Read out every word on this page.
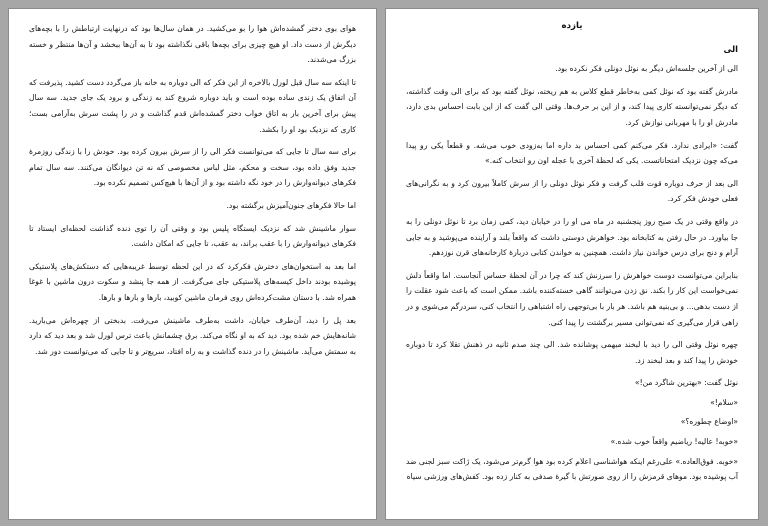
هوای بوی دختر گمشده‌اش هوا را بو می‌کشید. در همان سال‌ها بود که درنهایت ارتباطش را با بچه‌های دیگرش از دست داد. او هیچ چیزی برای بچه‌ها باقی نگذاشته بود تا به آن‌ها ببخشد و آن‌ها منتظر و خسته بزرگ می‌شدند.

تا اینکه سه سال قبل لورل بالاخره از این فکر که الی دوباره به خانه باز می‌گردد دست کشید. پذیرفت که آن اتفاق یک زندی ساده بوده است و باید دوباره شروع کند به زندگی و برود یک جای جدید. سه سال پیش برای آخرین بار به اتاق خواب دختر گمشده‌اش قدم گذاشت و در را پشت سرش به‌آرامی بست؛ کاری که نزدیک بود او را بکشد.

برای سه سال تا جایی که می‌توانست فکر الی را از سرش بیرون کرده بود. خودش را با زندگی روزمره‌ٔ جدید وفق داده بود، سخت و محکم، مثل لباس مخصوصی که نه تن دیوانگان می‌کنند. سه سال تمام فکرهای دیوانه‌وارش را در خود نگه داشته بود و از آن‌ها با هیچ‌کس تصمیم نکرده بود.

اما حالا فکرهای جنون‌آمیزش برگشته بود.

سوار ماشینش شد که نزدیک ایستگاه پلیس بود و وقتی آن را توی دنده گذاشت لحظه‌ای ایستاد تا فکرهای دیوانه‌وارش را با عقب براند، به عقب، تا جایی که امکان داشت.

اما بعد به استخوان‌های دخترش فکرکرد که در این لحظه توسط غریبه‌هایی که دستکش‌های پلاستیکی پوشیده بودند داخل کیسه‌های پلاستیکی جای می‌گرفت. از همه جا پنشد و سکوت درون ماشین با غوغا همراه شد. با دستان مشت‌کرده‌اش روی فرمان ماشین کوبید، بارها و بارها و بارها.

بعد پل را دید، آن‌طرف خیابان، داشت به‌طرف ماشینش می‌رفت. بدبختی از چهره‌اش می‌بارید. شانه‌هایش خم شده بود. دید که به او نگاه می‌کند. برق چشمانش باعث ترس لورل شد و بعد دید که دارد به سمتش می‌آید. ماشینش را در دنده گذاشت و به راه افتاد، سریع‌تر و تا جایی که می‌توانست دور شد.

یازده
الی

الی از آخرین جلسه‌اش دیگر به نوئل دونلی فکر نکرده بود.

مادرش گفته بود که نوئل کمی به‌خاطر قطع کلاس به هم ریخته، نوئل گفته بود که برای الی وقت گذاشته، که دیگر نمی‌توانسته کاری پیدا کند، و از این بر حرف‌ها. وقتی الی گفت که از این بابت احساس بدی دارد، مادرش او را با مهربانی نوازش کرد.

گفت: «ایرادی ندارد. فکر می‌کنم کمی احساس بد داره اما به‌زودی خوب می‌شه. و قطعاً یکی رو پیدا می‌که چون نزدیک امتحاناتست. یکی که لحظهٔ آخری با عجله اون رو انتخاب کنه.»

الی بعد از حرف دوباره قوت قلب گرفت و فکر نوئل دونلی را از سرش کاملاً بیرون کرد و به نگرانی‌های فعلی خودش فکر کرد.

در واقع وقتی در یک صبح روز پنجشنبه در ماه می او را در خیابان دید، کمی زمان برد تا نوئل دونلی را به جا بیاورد. در حال رفتن به کتابخانه بود. خواهرش دوستی داشت که واقعاً بلند و آراینده می‌پوشید و به جایی آرام و دنج برای درس خواندن نیاز داشت. همچنین به خواندن کتابی دربارهٔ کارخانه‌های قرن نوزدهم.

بنابراین می‌توانست دوست خواهرش را سرزنش کند که چرا در آن لحظهٔ حساس آنجاست. اما واقعاً دلش نمی‌خواست این کار را بکند. نق زدن می‌توانند گاهی خسته‌کننده باشد. ممکن است که باعث شود عقلت را از دست بدهی... و بی‌بنیه هم باشد. هر بار با بی‌توجهی راه اشتباهی را انتخاب کنی، سردرگم می‌شوی و در راهی قرار می‌گیری که نمی‌توانی مسیر برگشتت را پیدا کنی.

چهره نوئل وقتی الی را دید با لبخند مبهمی پوشانده شد. الی چند صدم ثانیه در ذهنش تقلا کرد تا دوباره خودش را پیدا کند و بعد لبخند زد.

نوئل گفت: «بهترین شاگرد من!»
«سلام!»
«اوضاع چطوره؟»
«خوبه! عالیه! ریاضیم واقعاً خوب شده.»

«خوبه. فوق‌العاده.» علی‌رغم اینکه هواشناسی اعلام کرده بود هوا گرم‌تر می‌شود، یک ژاکت سبز لجنی ضد آب پوشیده بود. موهای قرمزش را از روی صورتش با گیرهٔ صدفی به کنار زده بود. کفش‌های ورزشی سیاه
